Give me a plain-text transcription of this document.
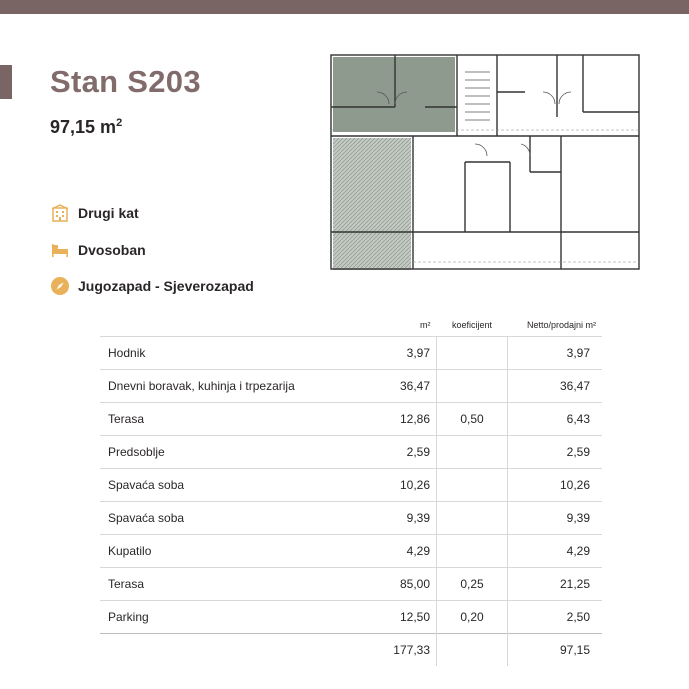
Stan S203
97,15 $m^2$
Drugi kat
Dvosoban
Jugozapad - Sjeverozapad
	m²	koeficijent	Netto/prodajni m²
Hodnik	3,97		3,97
Dnevni boravak, kuhinja i trpezarija	36,47		36,47
Terasa	12,86	0,50	6,43
Predsoblje	2,59		2,59
Spavaća soba	10,26		10,26
Spavaća soba	9,39		9,39
Kupatilo	4,29		4,29
Terasa	85,00	0,25	21,25
Parking	12,50	0,20	2,50
	177,33		97,15
